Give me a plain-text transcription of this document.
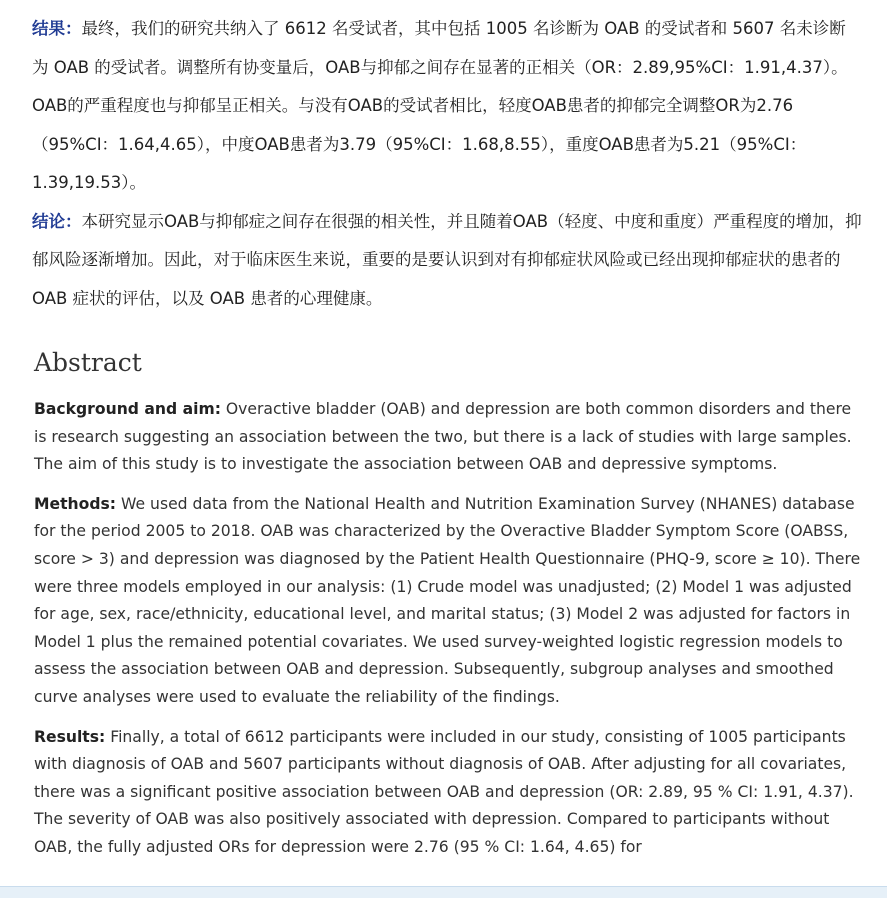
结果：最终，我们的研究共纳入了 6612 名受试者，其中包括 1005 名诊断为 OAB 的受试者和 5607 名未诊断为 OAB 的受试者。调整所有协变量后，OAB与抑郁之间存在显著的正相关（OR：2.89,95%CI：1.91,4.37）。OAB的严重程度也与抑郁呈正相关。与没有OAB的受试者相比，轻度OAB患者的抑郁完全调整OR为2.76（95%CI：1.64,4.65），中度OAB患者为3.79（95%CI：1.68,8.55），重度OAB患者为5.21（95%CI：1.39,19.53）。

结论：本研究显示OAB与抑郁症之间存在很强的相关性，并且随着OAB（轻度、中度和重度）严重程度的增加，抑郁风险逐渐增加。因此，对于临床医生来说，重要的是要认识到对有抑郁症状风险或已经出现抑郁症状的患者的 OAB 症状的评估，以及 OAB 患者的心理健康。

Abstract

Background and aim: Overactive bladder (OAB) and depression are both common disorders and there is research suggesting an association between the two, but there is a lack of studies with large samples. The aim of this study is to investigate the association between OAB and depressive symptoms.

Methods: We used data from the National Health and Nutrition Examination Survey (NHANES) database for the period 2005 to 2018. OAB was characterized by the Overactive Bladder Symptom Score (OABSS, score > 3) and depression was diagnosed by the Patient Health Questionnaire (PHQ-9, score ≥ 10). There were three models employed in our analysis: (1) Crude model was unadjusted; (2) Model 1 was adjusted for age, sex, race/ethnicity, educational level, and marital status; (3) Model 2 was adjusted for factors in Model 1 plus the remained potential covariates. We used survey-weighted logistic regression models to assess the association between OAB and depression. Subsequently, subgroup analyses and smoothed curve analyses were used to evaluate the reliability of the findings.

Results: Finally, a total of 6612 participants were included in our study, consisting of 1005 participants with diagnosis of OAB and 5607 participants without diagnosis of OAB. After adjusting for all covariates, there was a significant positive association between OAB and depression (OR: 2.89, 95 % CI: 1.91, 4.37). The severity of OAB was also positively associated with depression. Compared to participants without OAB, the fully adjusted ORs for depression were 2.76 (95 % CI: 1.64, 4.65) for
